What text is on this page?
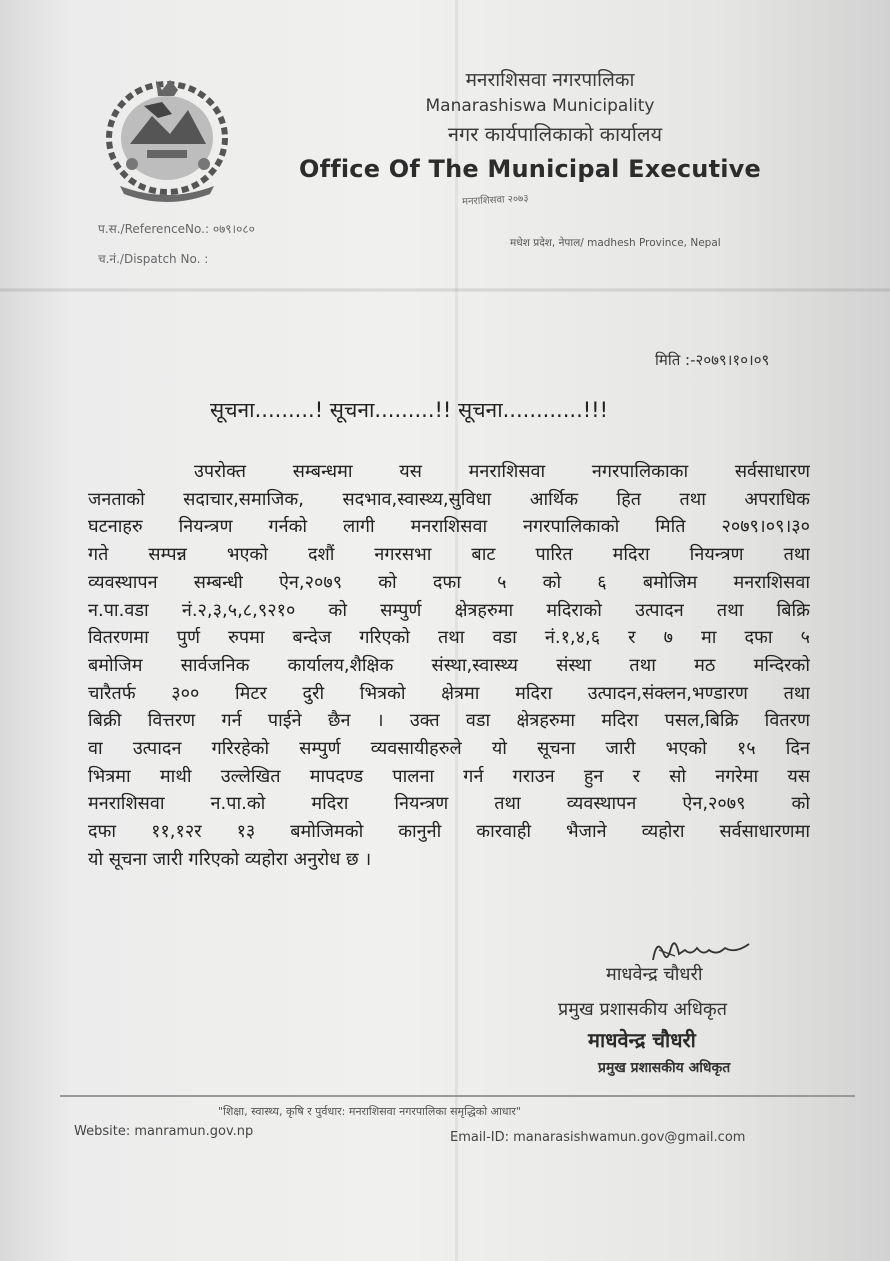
मनराशिसवा नगरपालिका
Manarashiswa Municipality
नगर कार्यपालिकाको कार्यालय
Office Of The Municipal Executive
मनराशिसवा २०७३
प.स./ReferenceNo.: ०७९।०८०
च.नं./Dispatch No. :
मधेश प्रदेश, नेपाल/ madhesh Province, Nepal
मिति :-२०७९।१०।०९
सूचना.........! सूचना.........!! सूचना............!!!
उपरोक्त सम्बन्धमा यस मनराशिसवा नगरपालिकाका सर्वसाधारण
जनताको सदाचार,समाजिक, सदभाव,स्वास्थ्य,सुविधा आर्थिक हित तथा अपराधिक
घटनाहरु नियन्त्रण गर्नको लागी मनराशिसवा नगरपालिकाको मिति २०७९।०९।३०
गते सम्पन्न भएको दशौं नगरसभा बाट पारित मदिरा नियन्त्रण तथा
व्यवस्थापन सम्बन्धी ऐन,२०७९ को दफा ५ को ६ बमोजिम मनराशिसवा
न.पा.वडा नं.२,३,५,८,९२१० को सम्पुर्ण क्षेत्रहरुमा मदिराको उत्पादन तथा बिक्रि
वितरणमा पुर्ण रुपमा बन्देज गरिएको तथा वडा नं.१,४,६ र ७ मा दफा ५
बमोजिम सार्वजनिक कार्यालय,शैक्षिक संस्था,स्वास्थ्य संस्था तथा मठ मन्दिरको
चारैतर्फ ३०० मिटर दुरी भित्रको क्षेत्रमा मदिरा उत्पादन,संक्लन,भण्डारण तथा
बिक्री वित्तरण गर्न पाईने छैन । उक्त वडा क्षेत्रहरुमा मदिरा पसल,बिक्रि वितरण
वा उत्पादन गरिरहेको सम्पुर्ण व्यवसायीहरुले यो सूचना जारी भएको १५ दिन
भित्रमा माथी उल्लेखित मापदण्ड पालना गर्न गराउन हुन र सो नगरेमा यस
मनराशिसवा न.पा.को मदिरा नियन्त्रण तथा व्यवस्थापन ऐन,२०७९ को
दफा ११,१२र १३ बमोजिमको कानुनी कारवाही भैजाने व्यहोरा सर्वसाधारणमा
यो सूचना जारी गरिएको व्यहोरा अनुरोध छ ।
माधवेन्द्र चौधरी
प्रमुख प्रशासकीय अधिकृत
माधवेन्द्र चौधरी
प्रमुख प्रशासकीय अधिकृत
"शिक्षा, स्वास्थ्य, कृषि र पुर्वधार: मनराशिसवा नगरपालिका समृद्धिको आधार"
Website: manramun.gov.np	Email-ID: manarasishwamun.gov@gmail.com
